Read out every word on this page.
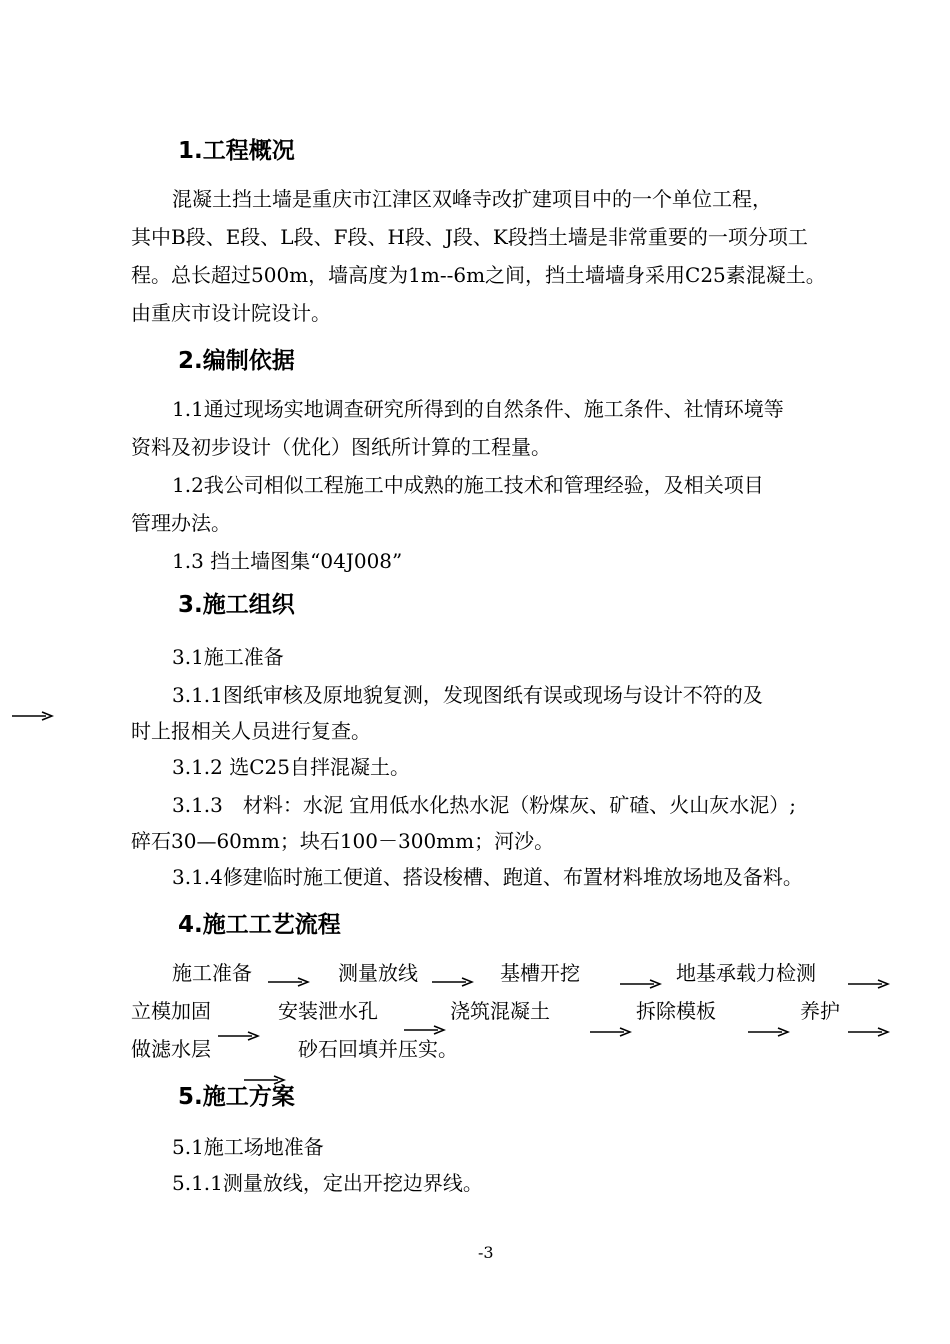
1.工程概况
混凝土挡土墙是重庆市江津区双峰寺改扩建项目中的一个单位工程，
其中B段、E段、L段、F段、H段、J段、K段挡土墙是非常重要的一项分项工
程。总长超过500m，墙高度为1m--6m之间，挡土墙墙身采用C25素混凝土。
由重庆市设计院设计。
2.编制依据
1.1通过现场实地调查研究所得到的自然条件、施工条件、社情环境等
资料及初步设计（优化）图纸所计算的工程量。
1.2我公司相似工程施工中成熟的施工技术和管理经验，及相关项目
管理办法。
1.3 挡土墙图集“04J008”
3.施工组织
3.1施工准备
3.1.1图纸审核及原地貌复测，发现图纸有误或现场与设计不符的及
时上报相关人员进行复查。
3.1.2 选C25自拌混凝土。
3.1.3　材料：水泥 宜用低水化热水泥（粉煤灰、矿碴、火山灰水泥）;
碎石30—60mm；块石100－300mm；河沙。
3.1.4修建临时施工便道、搭设梭槽、跑道、布置材料堆放场地及备料。
4.施工工艺流程
施工准备	测量放线	基槽开挖	地基承载力检测
立模加固	安装泄水孔	浇筑混凝土	拆除模板	养护
做滤水层	砂石回填并压实。
5.施工方案
5.1施工场地准备
5.1.1测量放线，定出开挖边界线。
-3
